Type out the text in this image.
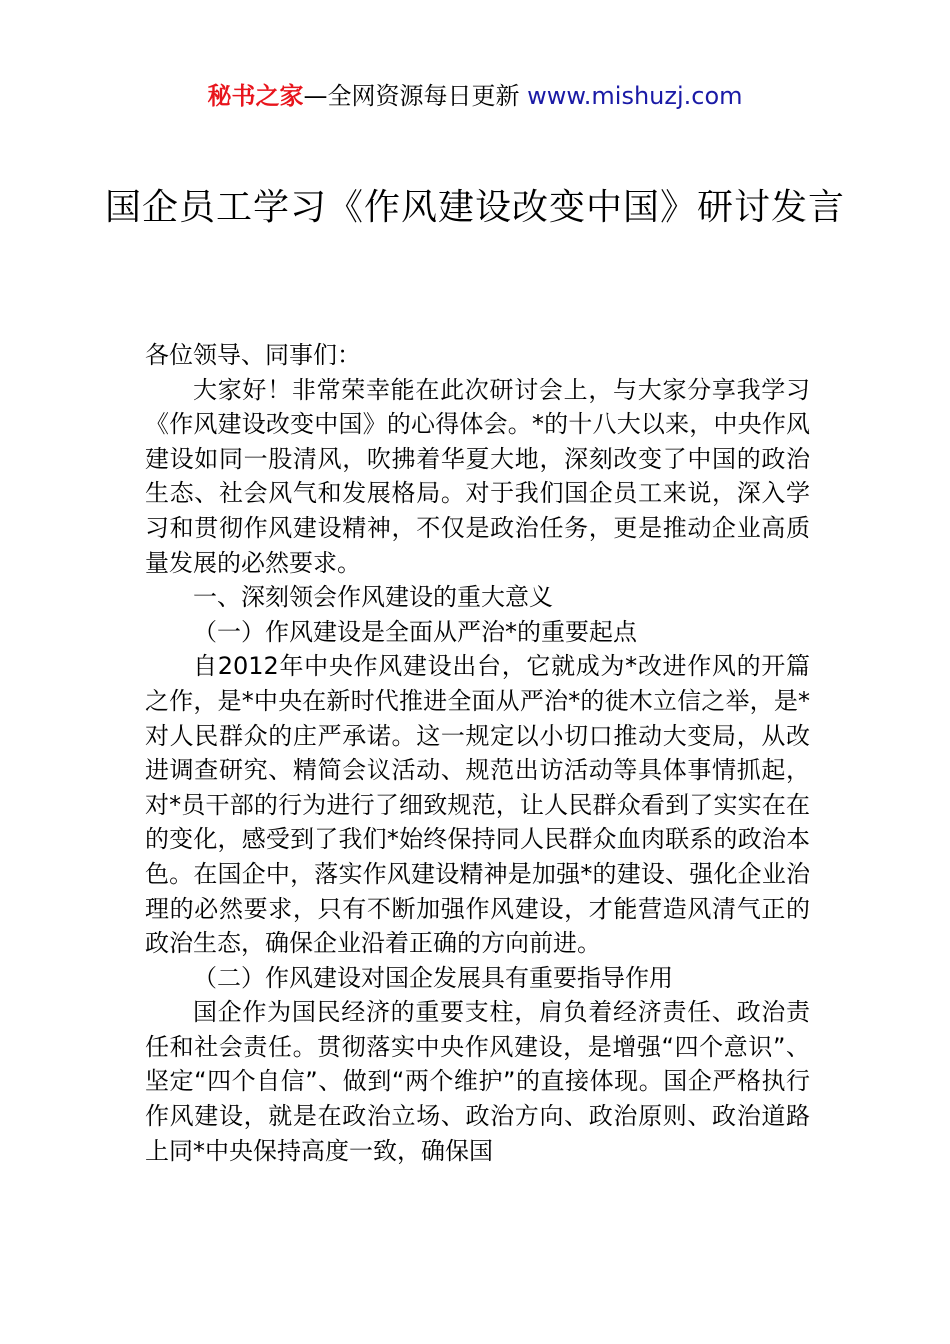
秘书之家—全网资源每日更新 www.mishuzj.com
国企员工学习《作风建设改变中国》研讨发言

各位领导、同事们：

大家好！非常荣幸能在此次研讨会上，与大家分享我学习《作风建设改变中国》的心得体会。*的十八大以来，中央作风建设如同一股清风，吹拂着华夏大地，深刻改变了中国的政治生态、社会风气和发展格局。对于我们国企员工来说，深入学习和贯彻作风建设精神，不仅是政治任务，更是推动企业高质量发展的必然要求。

一、深刻领会作风建设的重大意义

（一）作风建设是全面从严治*的重要起点

自2012年中央作风建设出台，它就成为*改进作风的开篇之作，是*中央在新时代推进全面从严治*的徙木立信之举，是*对人民群众的庄严承诺。这一规定以小切口推动大变局，从改进调查研究、精简会议活动、规范出访活动等具体事情抓起，对*员干部的行为进行了细致规范，让人民群众看到了实实在在的变化，感受到了我们*始终保持同人民群众血肉联系的政治本色。在国企中，落实作风建设精神是加强*的建设、强化企业治理的必然要求，只有不断加强作风建设，才能营造风清气正的政治生态，确保企业沿着正确的方向前进。

（二）作风建设对国企发展具有重要指导作用

国企作为国民经济的重要支柱，肩负着经济责任、政治责任和社会责任。贯彻落实中央作风建设，是增强“四个意识”、坚定“四个自信”、做到“两个维护”的直接体现。国企严格执行作风建设，就是在政治立场、政治方向、政治原则、政治道路上同*中央保持高度一致，确保国
